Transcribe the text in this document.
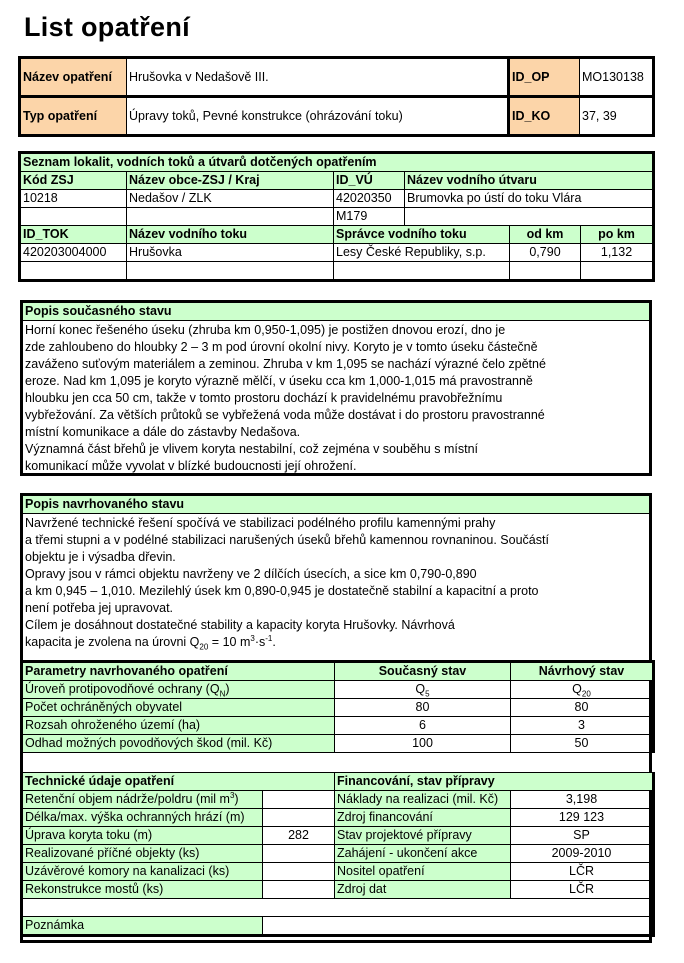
List opatření
Název opatření	Hrušovka v Nedašově III.	ID_OP	MO130138
Typ opatření	Úpravy toků, Pevné konstrukce (ohrázování toku)	ID_KO	37, 39
Seznam lokalit, vodních toků a útvarů dotčených opatřením					
Kód ZSJ	Název obce-ZSJ / Kraj	ID_VÚ	Název vodního útvaru		
10218	Nedašov / ZLK	42020350	Brumovka po ústí do toku Vlára		
		M179			
ID_TOK	Název vodního toku	Správce vodního toku		od km	po km
420203004000	Hrušovka	Lesy České Republiky, s.p.		0,790	1,132

Popis současného stavu
Horní konec řešeného úseku (zhruba km 0,950-1,095) je postižen dnovou erozí, dno je
zde zahloubeno do hloubky 2 – 3 m pod úrovní okolní nivy. Koryto je v tomto úseku částečně
zaváženo suťovým materiálem a zeminou. Zhruba v km 1,095 se nachází výrazné čelo zpětné
eroze. Nad km 1,095 je koryto výrazně mělčí, v úseku cca km 1,000-1,015 má pravostranně
hloubku jen cca 50 cm, takže v tomto prostoru dochází k pravidelnému pravobřežnímu
vybřežování. Za větších průtoků se vybřežená voda může dostávat i do prostoru pravostranné
místní komunikace a dále do zástavby Nedašova.
Významná část břehů je vlivem koryta nestabilní, což zejména v souběhu s místní
komunikací může vyvolat v blízké budoucnosti její ohrožení.
Popis navrhovaného stavu
Navržené technické řešení spočívá ve stabilizaci podélného profilu kamennými prahy
a třemi stupni a v podélné stabilizaci narušených úseků břehů kamennou rovnaninou. Součástí
objektu je i výsadba dřevin.
Opravy jsou v rámci objektu navrženy ve 2 dílčích úsecích, a sice km 0,790-0,890
a km 0,945 – 1,010. Mezilehlý úsek km 0,890-0,945 je dostatečně stabilní a kapacitní a proto
není potřeba jej upravovat.
Cílem je dosáhnout dostatečné stability a kapacity koryta Hrušovky. Návrhová
kapacita je zvolena na úrovni $Q_{20} = 10$ $m^3\cdot s^{-1}$.
Parametry navrhovaného opatření	Současný stav	Návrhový stav
Úroveň protipovodňové ochrany $(Q_N)$	$Q_5$	$Q_{20}$
Počet ochráněných obyvatel	80	80
Rozsah ohroženého území (ha)	6	3
Odhad možných povodňových škod (mil. Kč)	100	50
Technické údaje opatření		Financování, stav přípravy	
Retenční objem nádrže/poldru (mil $m^3$)		Náklady na realizaci (mil. Kč)	3,198
Délka/max. výška ochranných hrází (m)		Zdroj financování	129 123
Úprava koryta toku (m)	282	Stav projektové přípravy	SP
Realizované příčné objekty (ks)		Zahájení - ukončení akce	2009-2010
Uzávěrové komory na kanalizaci (ks)		Nositel opatření	LČR
Rekonstrukce mostů (ks)		Zdroj dat	LČR

Poznámka			
